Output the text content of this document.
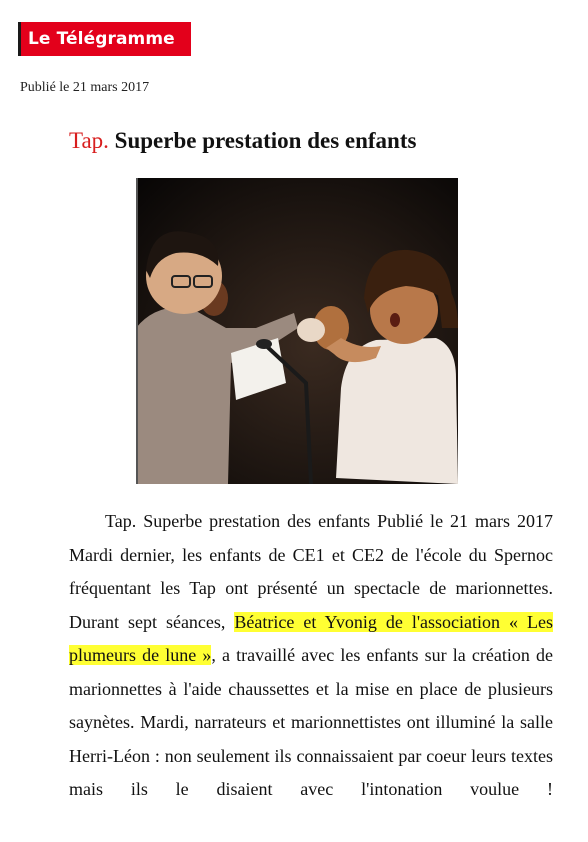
Le Télégramme
Publié le 21 mars 2017
Tap. Superbe prestation des enfants

Tap. Superbe prestation des enfants Publié le 21 mars 2017 Mardi dernier, les enfants de CE1 et CE2 de l'école du Spernoc fréquentant les Tap ont présenté un spectacle de marionnettes. Durant sept séances, Béatrice et Yvonig de l'association « Les plumeurs de lune », a travaillé avec les enfants sur la création de marionnettes à l'aide chaussettes et la mise en place de plusieurs saynètes. Mardi, narrateurs et marionnettistes ont illuminé la salle Herri-Léon : non seulement ils connaissaient par coeur leurs textes mais ils le disaient avec l'intonation voulue !
